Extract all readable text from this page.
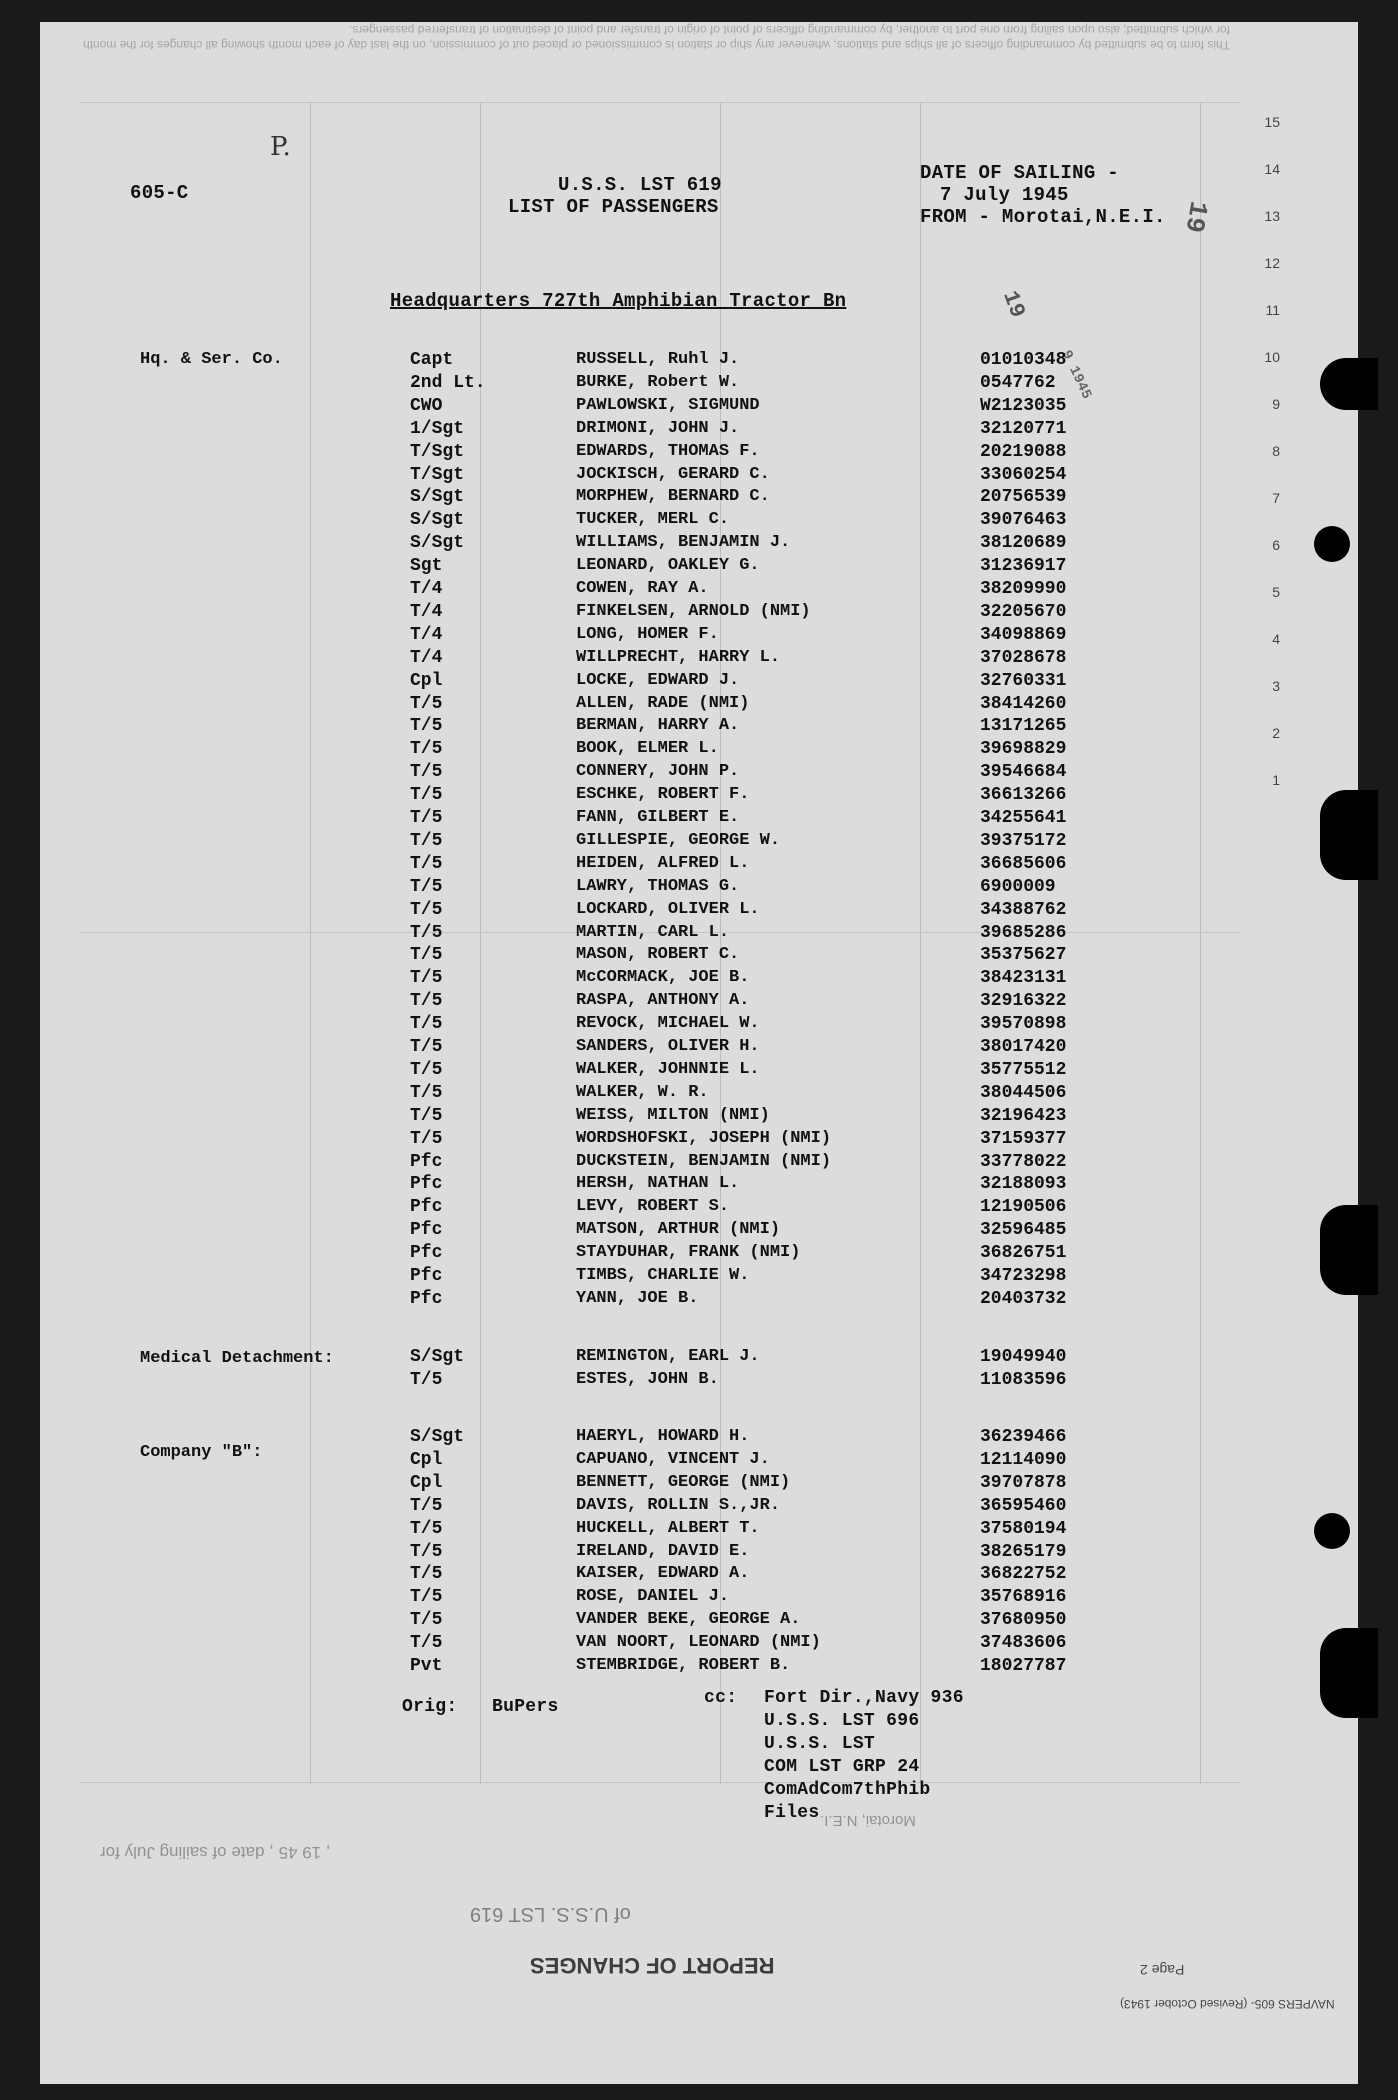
This form to be submitted by commanding officers of all ships and stations, whenever any ship or station is commissioned or placed out of commission, on the last day of each month showing all changes for the month for which submitted; also upon sailing from one port to another, by commanding officers of point of origin of transfer and point of destination of transferred passengers.
REPORT OF CHANGES	Page 2
NAVPERS 605- (Revised October 1943)
of U.S.S. LST 619
, 19 45 , date of sailing July for
Morotai, N.E.I.
15
14
13
12
11
10
9
8
7
6
5
4
3
2
1
605-C
P.
U.S.S. LST 619
LIST OF PASSENGERS
DATE OF SAILING -
7 July 1945
FROM - Morotai,N.E.I. 19
19
9 1945
Headquarters 727th Amphibian Tractor Bn
Hq. & Ser. Co.	Capt	RUSSELL, Ruhl J.	01010348
2nd Lt.	BURKE, Robert W.	0547762
CWO	PAWLOWSKI, SIGMUND	W2123035
1/Sgt	DRIMONI, JOHN J.	32120771
T/Sgt	EDWARDS, THOMAS F.	20219088
T/Sgt	JOCKISCH, GERARD C.	33060254
S/Sgt	MORPHEW, BERNARD C.	20756539
S/Sgt	TUCKER, MERL C.	39076463
S/Sgt	WILLIAMS, BENJAMIN J.	38120689
Sgt	LEONARD, OAKLEY G.	31236917
T/4	COWEN, RAY A.	38209990
T/4	FINKELSEN, ARNOLD (NMI)	32205670
T/4	LONG, HOMER F.	34098869
T/4	WILLPRECHT, HARRY L.	37028678
Cpl	LOCKE, EDWARD J.	32760331
T/5	ALLEN, RADE (NMI)	38414260
T/5	BERMAN, HARRY A.	13171265
T/5	BOOK, ELMER L.	39698829
T/5	CONNERY, JOHN P.	39546684
T/5	ESCHKE, ROBERT F.	36613266
T/5	FANN, GILBERT E.	34255641
T/5	GILLESPIE, GEORGE W.	39375172
T/5	HEIDEN, ALFRED L.	36685606
T/5	LAWRY, THOMAS G.	6900009
T/5	LOCKARD, OLIVER L.	34388762
T/5	MARTIN, CARL L.	39685286
T/5	MASON, ROBERT C.	35375627
T/5	McCORMACK, JOE B.	38423131
T/5	RASPA, ANTHONY A.	32916322
T/5	REVOCK, MICHAEL W.	39570898
T/5	SANDERS, OLIVER H.	38017420
T/5	WALKER, JOHNNIE L.	35775512
T/5	WALKER, W. R.	38044506
T/5	WEISS, MILTON (NMI)	32196423
T/5	WORDSHOFSKI, JOSEPH (NMI)	37159377
Pfc	DUCKSTEIN, BENJAMIN (NMI)	33778022
Pfc	HERSH, NATHAN L.	32188093
Pfc	LEVY, ROBERT S.	12190506
Pfc	MATSON, ARTHUR (NMI)	32596485
Pfc	STAYDUHAR, FRANK (NMI)	36826751
Pfc	TIMBS, CHARLIE W.	34723298
Pfc	YANN, JOE B.	20403732
Medical Detachment:	S/Sgt	REMINGTON, EARL J.	19049940
T/5	ESTES, JOHN B.	11083596
Company "B":
S/Sgt	HAERYL, HOWARD H.	36239466
Cpl	CAPUANO, VINCENT J.	12114090
Cpl	BENNETT, GEORGE (NMI)	39707878
T/5	DAVIS, ROLLIN S.,JR.	36595460
T/5	HUCKELL, ALBERT T.	37580194
T/5	IRELAND, DAVID E.	38265179
T/5	KAISER, EDWARD A.	36822752
T/5	ROSE, DANIEL J.	35768916
T/5	VANDER BEKE, GEORGE A.	37680950
T/5	VAN NOORT, LEONARD (NMI)	37483606
Pvt	STEMBRIDGE, ROBERT B.	18027787
Orig: BuPers	cc: Fort Dir.,Navy 936
U.S.S. LST 696
U.S.S. LST
COM LST GRP 24
ComAdCom7thPhib
Files
